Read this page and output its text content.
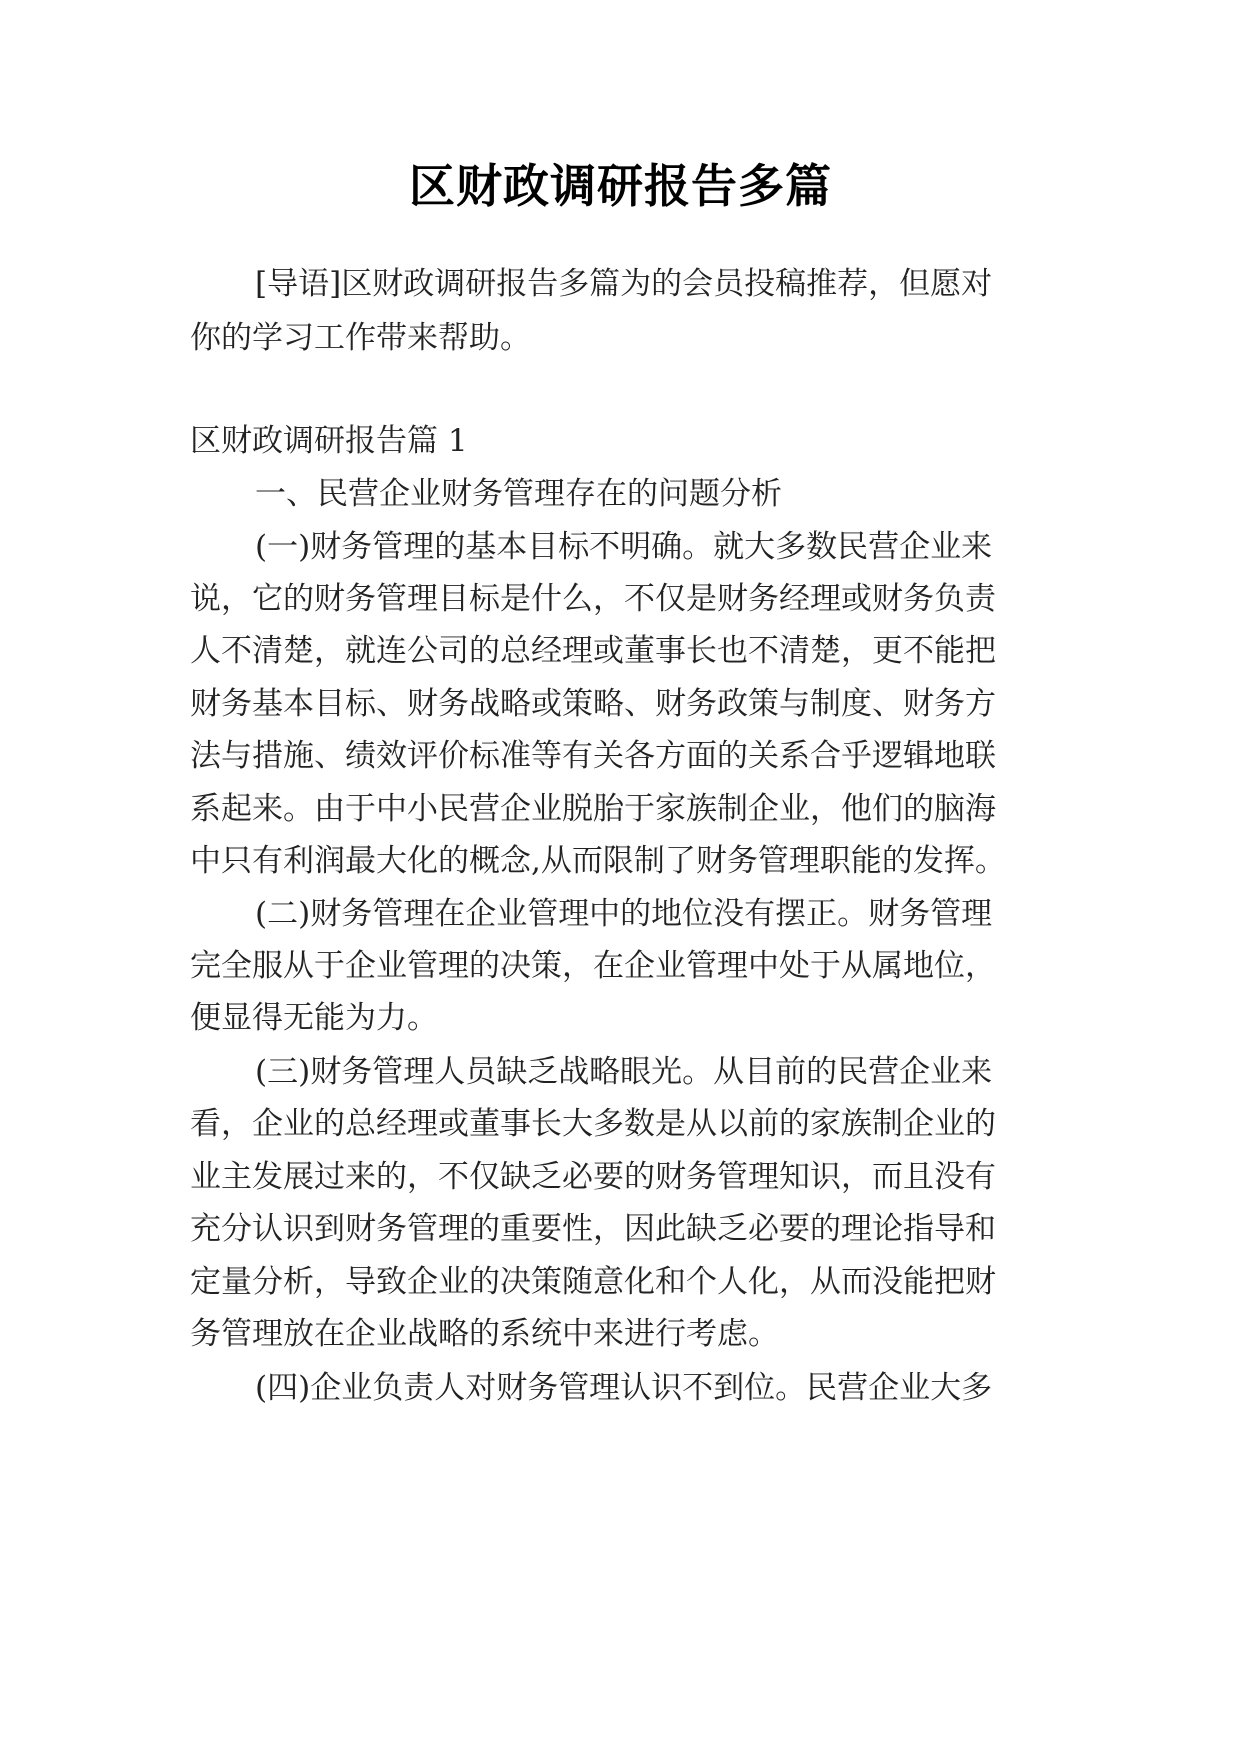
区财政调研报告多篇
[导语]区财政调研报告多篇为的会员投稿推荐，但愿对
你的学习工作带来帮助。
区财政调研报告篇 1
一、民营企业财务管理存在的问题分析
(一)财务管理的基本目标不明确。就大多数民营企业来
说，它的财务管理目标是什么，不仅是财务经理或财务负责
人不清楚，就连公司的总经理或董事长也不清楚，更不能把
财务基本目标、财务战略或策略、财务政策与制度、财务方
法与措施、绩效评价标准等有关各方面的关系合乎逻辑地联
系起来。由于中小民营企业脱胎于家族制企业，他们的脑海
中只有利润最大化的概念,从而限制了财务管理职能的发挥。
(二)财务管理在企业管理中的地位没有摆正。财务管理
完全服从于企业管理的决策，在企业管理中处于从属地位，
便显得无能为力。
(三)财务管理人员缺乏战略眼光。从目前的民营企业来
看，企业的总经理或董事长大多数是从以前的家族制企业的
业主发展过来的，不仅缺乏必要的财务管理知识，而且没有
充分认识到财务管理的重要性，因此缺乏必要的理论指导和
定量分析，导致企业的决策随意化和个人化，从而没能把财
务管理放在企业战略的系统中来进行考虑。
(四)企业负责人对财务管理认识不到位。民营企业大多
